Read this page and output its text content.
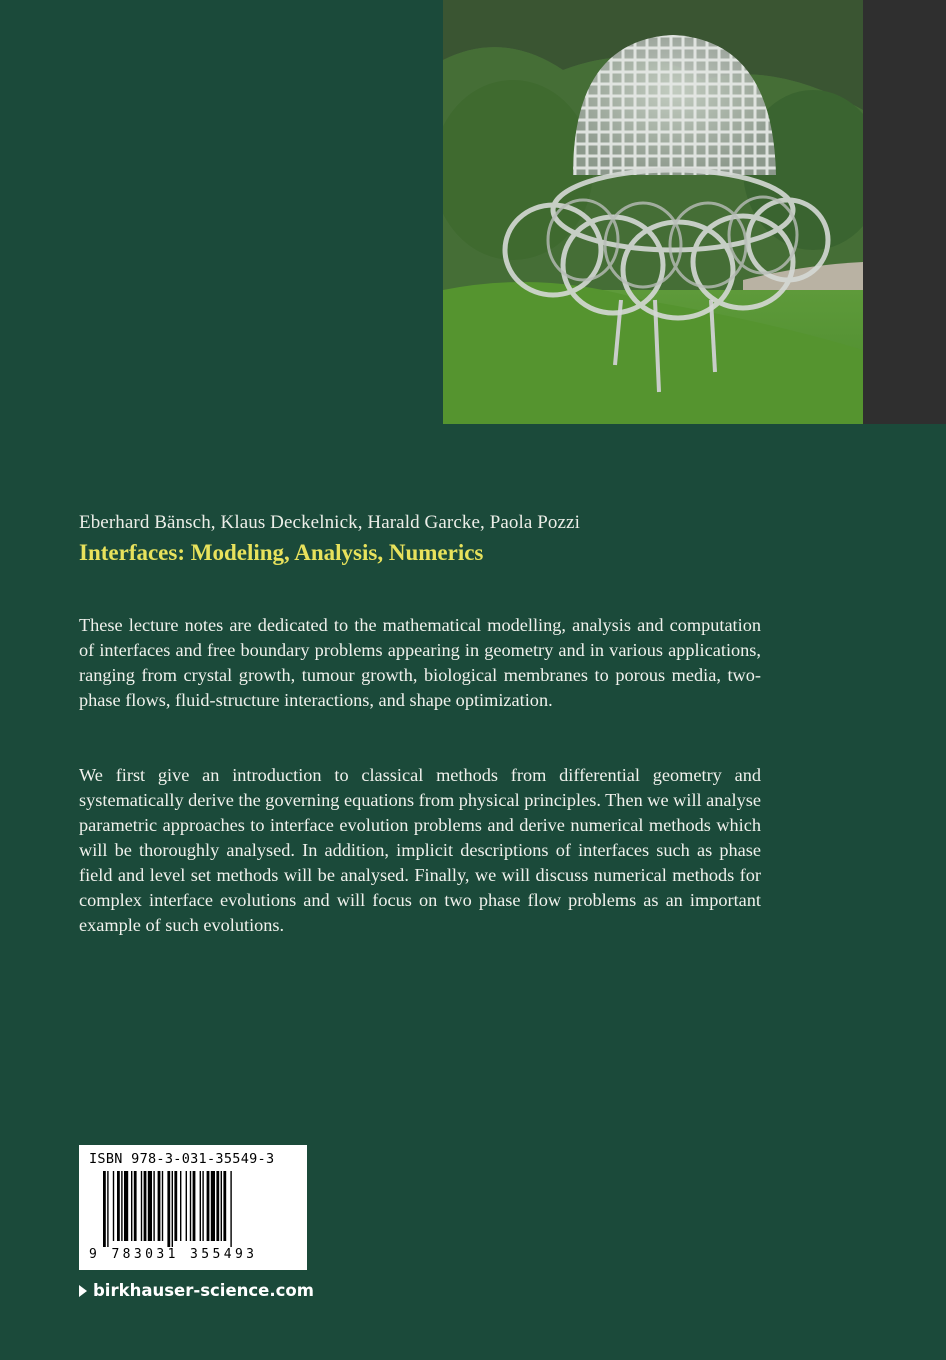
Eberhard Bänsch, Klaus Deckelnick, Harald Garcke, Paola Pozzi
Interfaces: Modeling, Analysis, Numerics
These lecture notes are dedicated to the mathematical modelling, analysis and computation of interfaces and free boundary problems appearing in geometry and in various applications, ranging from crystal growth, tumour growth, biological membranes to porous media, two-phase flows, fluid-structure interactions, and shape optimization.
We first give an introduction to classical methods from differential geometry and systematically derive the governing equations from physical principles. Then we will analyse parametric approaches to interface evolution problems and derive numerical methods which will be thoroughly analysed. In addition, implicit descriptions of interfaces such as phase field and level set methods will be analysed. Finally, we will discuss numerical methods for complex interface evolutions and will focus on two phase flow problems as an important example of such evolutions.
ISBN 978-3-031-35549-3
9 783031 355493
birkhauser-science.com
